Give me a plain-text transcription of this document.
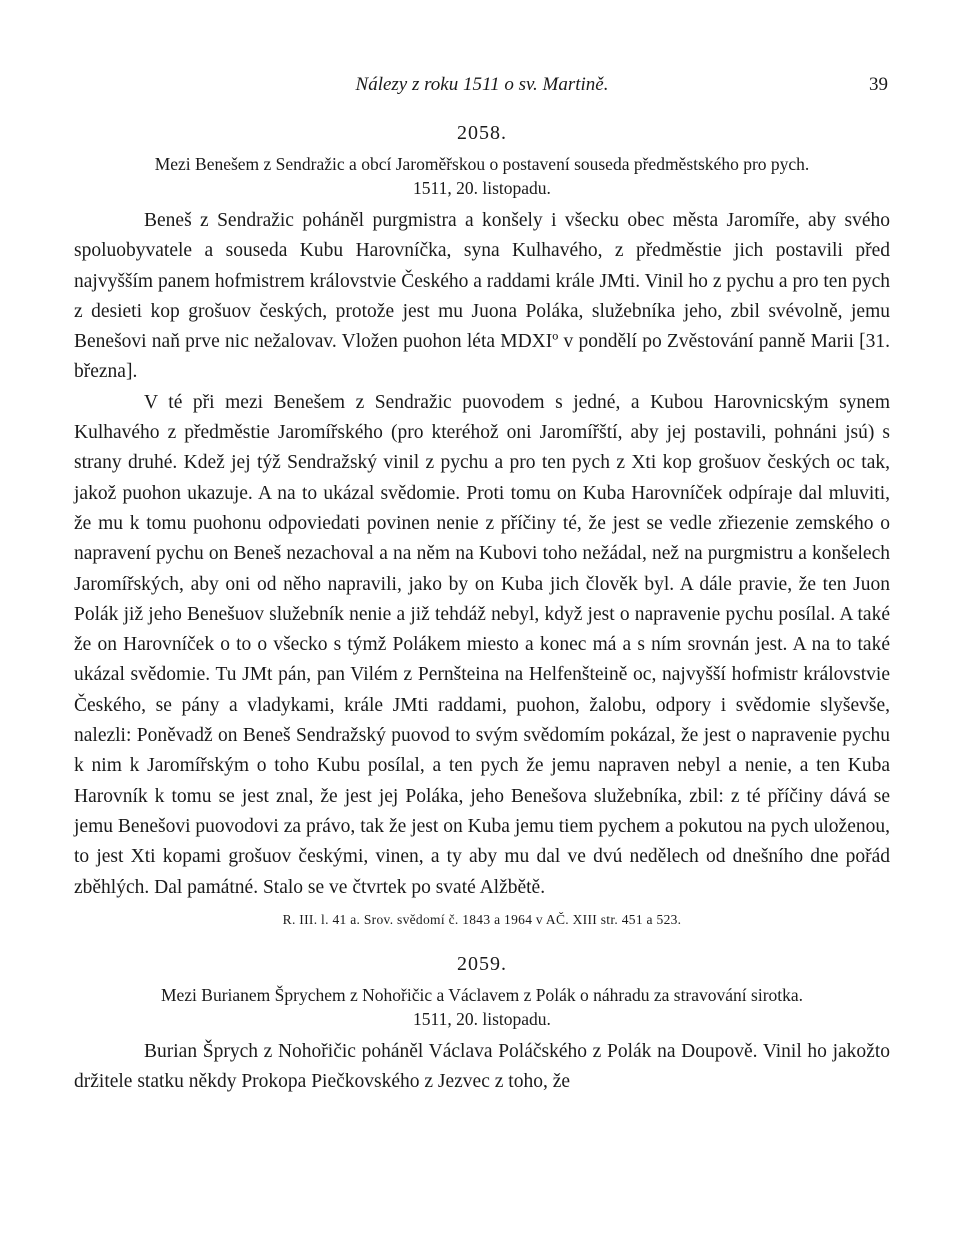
Nálezy z roku 1511 o sv. Martině.	39
2058.
Mezi Benešem z Sendražic a obcí Jaroměřskou o postavení souseda předměstského pro pych.
1511, 20. listopadu.

Beneš z Sendražic poháněl purgmistra a konšely i všecku obec města Jaromíře, aby svého spoluobyvatele a souseda Kubu Harovníčka, syna Kulhavého, z předměstie jich postavili před najvyšším panem hofmistrem královstvie Českého a raddami krále JMti. Vinil ho z pychu a pro ten pych z desieti kop grošuov českých, protože jest mu Juona Poláka, služebníka jeho, zbil svévolně, jemu Benešovi naň prve nic nežalovav. Vložen puohon léta MDXIº v pondělí po Zvěstování panně Marii [31. března].

V té při mezi Benešem z Sendražic puovodem s jedné, a Kubou Harovnicským synem Kulhavého z předměstie Jaromířského (pro kteréhož oni Jaromířští, aby jej postavili, pohnáni jsú) s strany druhé. Kdež jej týž Sendražský vinil z pychu a pro ten pych z Xti kop grošuov českých oc tak, jakož puohon ukazuje. A na to ukázal svědomie. Proti tomu on Kuba Harovníček odpíraje dal mluviti, že mu k tomu puohonu odpoviedati povinen nenie z příčiny té, že jest se vedle zřiezenie zemského o napravení pychu on Beneš nezachoval a na něm na Kubovi toho nežádal, než na purgmistru a konšelech Jaromířských, aby oni od něho napravili, jako by on Kuba jich člověk byl. A dále pravie, že ten Juon Polák již jeho Benešuov služebník nenie a již tehdáž nebyl, když jest o napravenie pychu posílal. A také že on Harovníček o to o všecko s týmž Polákem miesto a konec má a s ním srovnán jest. A na to také ukázal svědomie. Tu JMt pán, pan Vilém z Pernšteina na Helfenšteině oc, najvyšší hofmistr královstvie Českého, se pány a vladykami, krále JMti raddami, puohon, žalobu, odpory i svědomie slyševše, nalezli: Poněvadž on Beneš Sendražský puovod to svým svědomím pokázal, že jest o napravenie pychu k nim k Jaromířským o toho Kubu posílal, a ten pych že jemu napraven nebyl a nenie, a ten Kuba Harovník k tomu se jest znal, že jest jej Poláka, jeho Benešova služebníka, zbil: z té příčiny dává se jemu Benešovi puovodovi za právo, tak že jest on Kuba jemu tiem pychem a pokutou na pych uloženou, to jest Xti kopami grošuov českými, vinen, a ty aby mu dal ve dvú nedělech od dnešního dne pořád zběhlých. Dal památné. Stalo se ve čtvrtek po svaté Alžbětě.

R. III. l. 41 a. Srov. svědomí č. 1843 a 1964 v AČ. XIII str. 451 a 523.
2059.
Mezi Burianem Šprychem z Nohořičic a Václavem z Polák o náhradu za stravování sirotka.
1511, 20. listopadu.

Burian Šprych z Nohořičic poháněl Václava Poláčského z Polák na Doupově. Vinil ho jakožto držitele statku někdy Prokopa Piečkovského z Jezvec z toho, že
